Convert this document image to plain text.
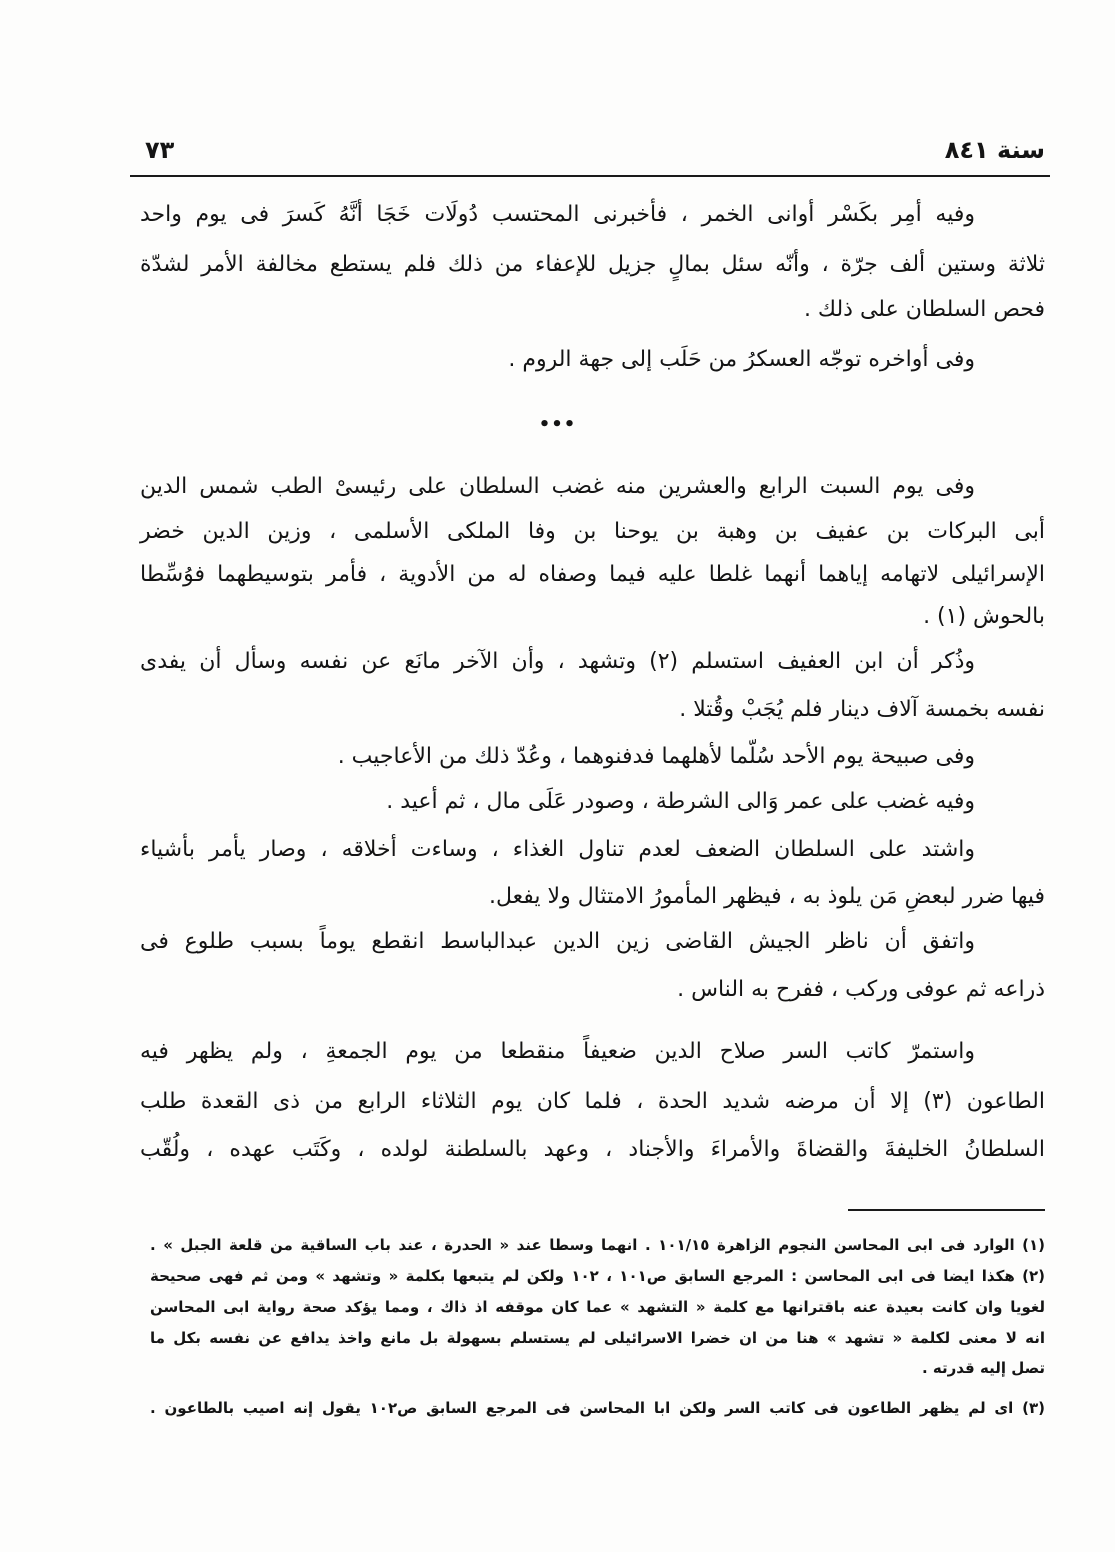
سنة ٨٤١
٧٣
وفيه أمِر بكَسْر أوانى الخمر ، فأخبرنى المحتسب دُولَات خَجَا أنَّهُ كَسرَ فى يوم واحد
ثلاثة وستين ألف جرّة ، وأنّه سئل بمالٍ جزيل للإعفاء من ذلك فلم يستطع مخالفة الأمر لشدّة
فحص السلطان على ذلك .
وفى أواخره توجّه العسكرُ من حَلَب إلى جهة الروم .
•••
وفى يوم السبت الرابع والعشرين منه غضب السلطان على رئيسىْ الطب شمس الدين
أبى البركات بن عفيف بن وهبة بن يوحنا بن وفا الملكى الأسلمى ، وزين الدين خضر
الإسرائيلى لاتهامه إياهما أنهما غلطا عليه فيما وصفاه له من الأدوية ، فأمر بتوسيطهما فوُسِّطا
بالحوش (١) .
وذُكر أن ابن العفيف استسلم (٢) وتشهد ، وأن الآخر مانَع عن نفسه وسأل أن يفدى
نفسه بخمسة آلاف دينار فلم يُجَبْ وقُتلا .
وفى صبيحة يوم الأحد سُلّما لأهلهما فدفنوهما ، وعُدّ ذلك من الأعاجيب .
وفيه غضب على عمر وَالى الشرطة ، وصودر عَلَى مال ، ثم أعيد .
واشتد على السلطان الضعف لعدم تناول الغذاء ، وساءت أخلاقه ، وصار يأمر بأشياء
فيها ضرر لبعضِ مَن يلوذ به ، فيظهر المأمورُ الامتثال ولا يفعل.
واتفق أن ناظر الجيش القاضى زين الدين عبدالباسط انقطع يوماً بسبب طلوع فى
ذراعه ثم عوفى وركب ، ففرح به الناس .
واستمرّ كاتب السر صلاح الدين ضعيفاً منقطعا من يوم الجمعةِ ، ولم يظهر فيه
الطاعون (٣) إلا أن مرضه شديد الحدة ، فلما كان يوم الثلاثاء الرابع من ذى القعدة طلب
السلطانُ الخليفةَ والقضاةَ والأمراءَ والأجناد ، وعهد بالسلطنة لولده ، وكَتَب عهده ، ولُقّب
(١) الوارد فى ابى المحاسن النجوم الزاهرة ١٠١/١٥ . انهما وسطا عند « الحدرة ، عند باب الساقية من قلعة الجبل » .
(٢) هكذا ايضا فى ابى المحاسن : المرجع السابق ص١٠١ ، ١٠٢ ولكن لم يتبعها بكلمة « وتشهد » ومن ثم فهى صحيحة
لغويا وان كانت بعيدة عنه باقترانها مع كلمة « التشهد » عما كان موقفه اذ ذاك ، ومما يؤكد صحة رواية ابى المحاسن
انه لا معنى لكلمة « تشهد » هنا من ان خضرا الاسرائيلى لم يستسلم بسهولة بل مانع واخذ يدافع عن نفسه بكل ما
تصل إليه قدرته .
(٣) اى لم يظهر الطاعون فى كاتب السر ولكن ابا المحاسن فى المرجع السابق ص١٠٢ يقول إنه اصيب بالطاعون .
